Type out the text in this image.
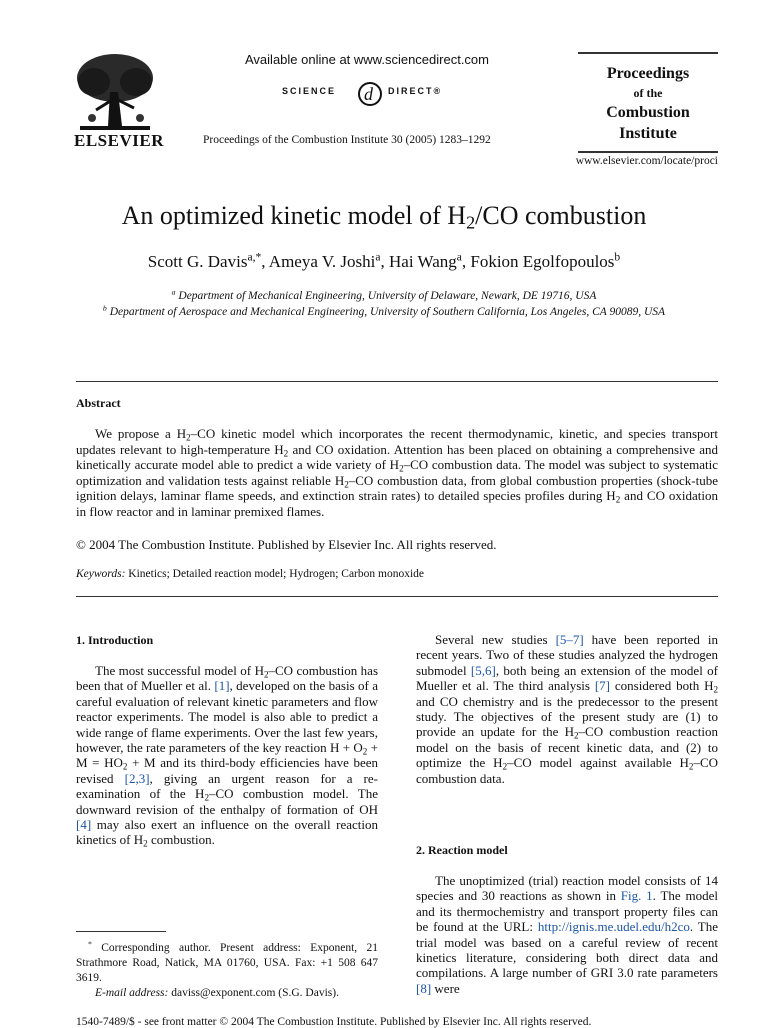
ELSEVIER
Available online at www.sciencedirect.com
SCIENCE d DIRECT®
Proceedings of the Combustion Institute 30 (2005) 1283–1292
Proceedings
of the
Combustion
Institute
www.elsevier.com/locate/proci
An optimized kinetic model of $H_2/CO$ combustion
Scott G. Davis$^{a,*}$, Ameya V. Joshi$^a$, Hai Wang$^a$, Fokion Egolfopoulos$^b$
$^a$ Department of Mechanical Engineering, University of Delaware, Newark, DE 19716, USA
$^b$ Department of Aerospace and Mechanical Engineering, University of Southern California, Los Angeles, CA 90089, USA
Abstract

We propose a $H_2-CO$ kinetic model which incorporates the recent thermodynamic, kinetic, and species transport updates relevant to high-temperature $H_2$ and CO oxidation. Attention has been placed on obtaining a comprehensive and kinetically accurate model able to predict a wide variety of $H_2-CO$ combustion data. The model was subject to systematic optimization and validation tests against reliable $H_2-CO$ combustion data, from global combustion properties (shock-tube ignition delays, laminar flame speeds, and extinction strain rates) to detailed species profiles during $H_2$ and CO oxidation in flow reactor and in laminar premixed flames.

© 2004 The Combustion Institute. Published by Elsevier Inc. All rights reserved.
Keywords: Kinetics; Detailed reaction model; Hydrogen; Carbon monoxide
1. Introduction

The most successful model of $H_2-CO$ combustion has been that of Mueller et al. [1], developed on the basis of a careful evaluation of relevant kinetic parameters and flow reactor experiments. The model is also able to predict a wide range of flame experiments. Over the last few years, however, the rate parameters of the key reaction $H + O_2 + M = HO_2 + M$ and its third-body efficiencies have been revised [2,3], giving an urgent reason for a re-examination of the $H_2-CO$ combustion model. The downward revision of the enthalpy of formation of OH [4] may also exert an influence on the overall reaction kinetics of $H_2$ combustion.

* Corresponding author. Present address: Exponent, 21 Strathmore Road, Natick, MA 01760, USA. Fax: +1 508 647 3619.
E-mail address: daviss@exponent.com (S.G. Davis).

Several new studies [5–7] have been reported in recent years. Two of these studies analyzed the hydrogen submodel [5,6], both being an extension of the model of Mueller et al. The third analysis [7] considered both $H_2$ and CO chemistry and is the predecessor to the present study. The objectives of the present study are (1) to provide an update for the $H_2-CO$ combustion reaction model on the basis of recent kinetic data, and (2) to optimize the $H_2-CO$ model against available $H_2-CO$ combustion data.

2. Reaction model

The unoptimized (trial) reaction model consists of 14 species and 30 reactions as shown in Fig. 1. The model and its thermochemistry and transport property files can be found at the URL: http://ignis.me.udel.edu/h2co. The trial model was based on a careful review of recent kinetics literature, considering both direct data and compilations. A large number of GRI 3.0 rate parameters [8] were

1540-7489/$ - see front matter © 2004 The Combustion Institute. Published by Elsevier Inc. All rights reserved.
